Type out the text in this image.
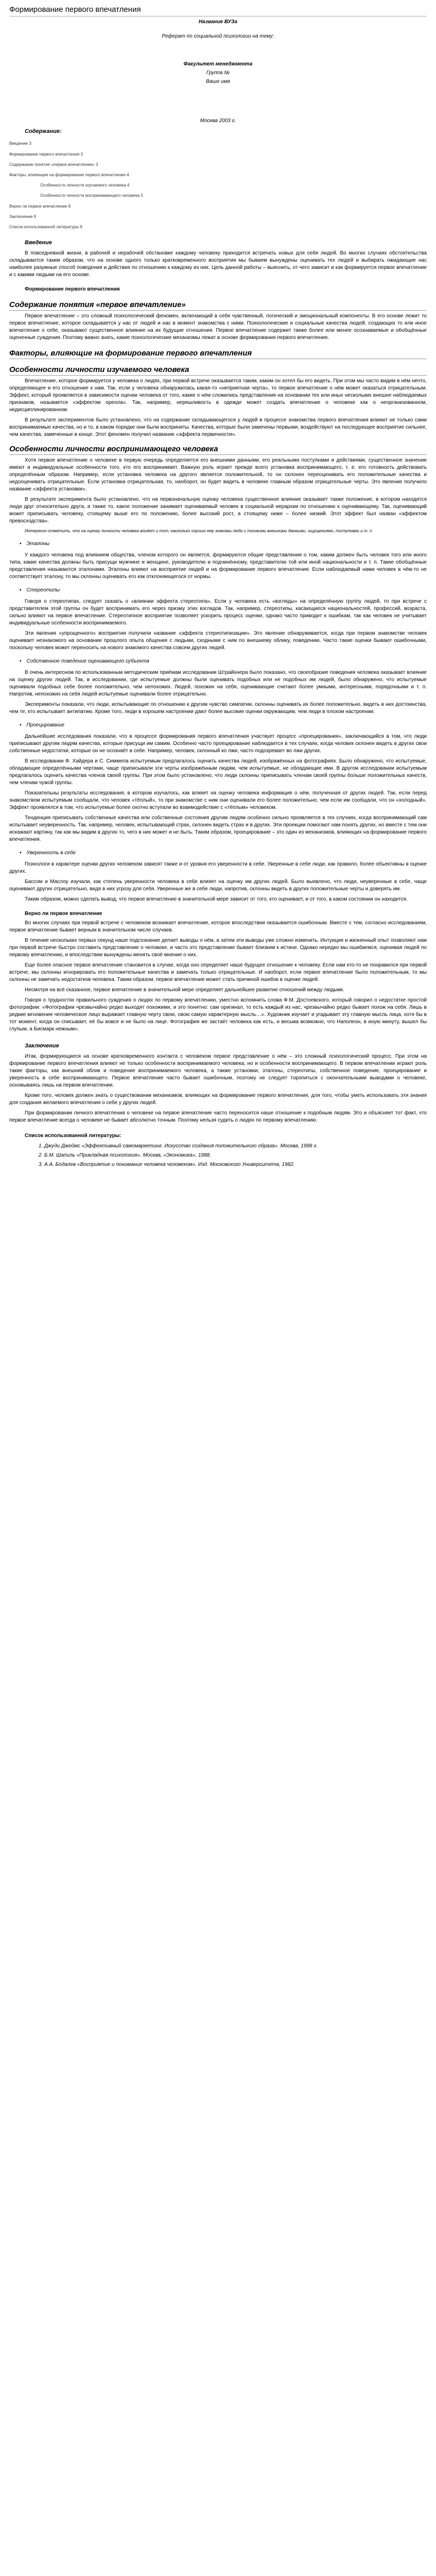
Формирование первого впечатления
Название ВУЗа
Реферат по социальной психологии на тему:
Факультет менеджмента
Группа №
Ваше имя
Москва 2003 г.
Содержание:

Введение 3

Формирование первого впечатления 3

Содержание понятия «первое впечатление» 3

Факторы, влияющие на формирование первого впечатления 4

Особенности личности изучаемого человека 4

Особенности личности воспринимающего человека 5

Верно ли первое впечатление 8

Заключение 9

Список использованной литературы 9

Введение

В повседневной жизни, в рабочей и нерабочей обстановке каждому человеку приходится встречать новых для себя людей. Во многих случаях обстоятельства складываются таким образом, что на основе одного только кратковременного восприятия мы бываем вынуждены оценивать тех людей и выбирать ожидающие нас наиболее разумные способ поведения и действия по отношению к каждому из них. Цель данной работы – выяснить, от чего зависит и как формируется первое впечатление и с какими людьми на его основе.

Формирование первого впечатления
Содержание понятия «первое впечатление»

Первое впечатление – это сложный психологический феномен, включающий в себя чувственный, логический и эмоциональный компоненты. В его основе лежит то первое впечатление, которое складывается у нас от людей и нас в момент знакомства с ними. Психологические и социальные качества людей, создающих то или иное впечатление о себе, оказывают существенное влияние на их будущие отношения. Первое впечатление содержит также более или менее осознаваемые и обобщённые оценочные суждения. Поэтому важно знать, какие психологические механизмы лежат в основе формирования первого впечатления.

Факторы, влияющие на формирование первого впечатления
Особенности личности изучаемого человека

Впечатление, которое формируется у человека о людях, при первой встрече оказывается таким, каким он хотел бы его видеть. При этом мы часто видим в нём нечто, определяющее и его отношение к нам. Так, если у человека обнаружилась какая-то «неприятная черта», то первое впечатление о нём может оказаться отрицательным. Эффект, который проявляется в зависимости оценки человека от того, какие о нём сложились представления на основании тех или иных нескольких внешне наблюдаемых признаков, называется «эффектом ореола». Так, например, неряшливость в одежде может создать впечатление о человеке как о неорганизованном, недисциплинированном.

В результате экспериментов было установлено, что на содержание складывающегося у людей в процессе знакомства первого впечатления влияют не только сами воспринимаемые качества, но и то, в каком порядке они были восприняты. Качества, которые были замечены первыми, воздействуют на последующее восприятие сильнее, чем качества, замеченные в конце. Этот феномен получил название «эффекта первичности».

Особенности личности воспринимающего человека

Хотя первое впечатление о человеке в первую очередь определяется его внешними данными, его реальными поступками и действиями, существенное значение имеют и индивидуальные особенности того, кто его воспринимает. Важную роль играет прежде всего установка воспринимающего, т. е. его готовность действовать определённым образом. Например, если установка человека на другого является положительной, то он склонен переоценивать его положительные качества и недооценивать отрицательные. Если установка отрицательная, то, наоборот, он будет видеть в человеке главным образом отрицательные черты. Это явление получило название «эффекта установки».

В результате эксперимента было установлено, что на первоначальную оценку человека существенное влияние оказывает также положение, в котором находятся люди друг относительно друга, а также то, какое положение занимает оцениваемый человек в социальной иерархии по отношению к оценивающему. Так, оценивающий может приписывать человеку, стоящему выше его по положению, более высокий рост, а стоящему ниже – более низкий. Этот эффект был назван «эффектом превосходства».

Интересно отметить, что на оценку личности человека влияет и тот, насколько хорошо ему знакомы люди с похожими внешними данными, ощущениями, поступками и т. п.

▪ Эталоны

У каждого человека под влиянием общества, членом которого он является, формируются общие представления о том, каким должен быть человек того или иного типа, какие качества должны быть присущи мужчине и женщине, руководителю и подчинённому, представителю той или иной национальности и т. п. Такие обобщённые представления называются эталонами. Эталоны влияют на восприятие людей и на формирование первого впечатления. Если наблюдаемый нами человек в чём-то не соответствует эталону, то мы склонны оценивать его как отклоняющегося от нормы.

▪ Стереотипы

Говоря о стереотипах, следует сказать о «влиянии эффекта стереотипа». Если у человека есть «взгляды» на определённую группу людей, то при встрече с представителем этой группы он будет воспринимать его через призму этих взглядов. Так, например, стереотипы, касающиеся национальностей, профессий, возраста, сильно влияют на первое впечатление. Стереотипное восприятие позволяет ускорить процесс оценки, однако часто приводит к ошибкам, так как человек не учитывает индивидуальные особенности воспринимаемого.

Эти явления «упрощенного» восприятия получили название «эффекта стереотипизации». Это явление обнаруживается, когда при первом знакомстве человек оценивает незнакомого на основании прошлого опыта общения с людьми, сходными с ним по внешнему облику, поведению. Часто такие оценки бывают ошибочными, поскольку человек может переносить на нового знакомого качества совсем других людей.

▪ Собственное поведение оценивающего субъекта

В очень интересном по использованным методическим приёмам исследовании Штрайхнера было показано, что своеобразие поведения человека оказывает влияние на оценку других людей. Так, в исследовании, где испытуемые должны были оценивать подобных или не подобных им людей, было обнаружено, что испытуемые оценивали подобных себе более положительно, чем непохожих. Людей, похожих на себя, оценивающие считают более умными, интересными, порядочными и т. п. Напротив, непохожих на себя людей испытуемые оценивали более отрицательно.

Эксперименты показали, что люди, испытывающие по отношению к другим чувство симпатии, склонны оценивать их более положительно, видеть в них достоинства, чем те, кто испытывает антипатию. Кроме того, люди в хорошем настроении дают более высокие оценки окружающим, чем люди в плохом настроении.

▪ Проецирование

Дальнейшие исследования показали, что в процессе формирования первого впечатления участвует процесс «проецирования», заключающийся в том, что люди приписывают другим людям качества, которые присущи им самим. Особенно часто проецирование наблюдается в тех случаях, когда человек склонен видеть в других свои собственные недостатки, которые он не осознаёт в себе. Например, человек, склонный ко лжи, часто подозревает во лжи других.

В исследовании Ф. Хайдера и С. Симмела испытуемым предлагалось оценить качества людей, изображённых на фотографиях. Было обнаружено, что испытуемые, обладающие определёнными чертами, чаще приписывали эти черты изображённым людям, чем испытуемые, не обладающие ими. В другом исследовании испытуемым предлагалось оценить качества членов своей группы. При этом было установлено, что люди склонны приписывать членам своей группы больше положительных качеств, чем членам чужой группы.

Показательны результаты исследования, в котором изучалось, как влияет на оценку человека информация о нём, полученная от других людей. Так, если перед знакомством испытуемым сообщали, что человек «тёплый», то при знакомстве с ним они оценивали его более положительно, чем если им сообщали, что он «холодный». Эффект проявлялся в том, что испытуемые более охотно вступали во взаимодействие с «тёплым» человеком.

Тенденция приписывать собственные качества или собственные состояния другим людям особенно сильно проявляется в тех случаях, когда воспринимающий сам испытывает неуверенность. Так, например, человек, испытывающий страх, склонен видеть страх и в других. Эти проекции помогают нам понять других, но вместе с тем они искажают картину, так как мы видим в других то, чего в них может и не быть. Таким образом, проецирование – это один из механизмов, влияющих на формирование первого впечатления.

▪ Уверенность в себе

Психологи в характере оценки других человеком зависят также и от уровня его уверенности в себе. Уверенные в себе люди, как правило, более объективны в оценке других.

Бассом и Маслоу изучали, как степень уверенности человека в себе влияет на оценку им других людей. Было выявлено, что люди, неуверенные в себе, чаще оценивают других отрицательно, видя в них угрозу для себя. Уверенные же в себе люди, напротив, склонны видеть в других положительные черты и доверять им.

Таким образом, можно сделать вывод, что первое впечатление в значительной мере зависит от того, кто оценивает, и от того, в каком состоянии он находится.

Верно ли первое впечатление

Во многих случаях при первой встрече с человеком возникает впечатление, которое впоследствии оказывается ошибочным. Вместе с тем, согласно исследованиям, первое впечатление бывает верным в значительном числе случаев.

В течение нескольких первых секунд наше подсознание делает выводы о нём, а затем эти выводы уже сложно изменить. Интуиция и жизненный опыт позволяют нам при первой встрече быстро составить представление о человеке, и часто это представление бывает близким к истине. Однако нередко мы ошибаемся, оценивая людей по первому впечатлению, и впоследствии вынуждены менять своё мнение о них.

Еще более опасное первое впечатление становится в случае, когда оно определяет наше будущее отношение к человеку. Если нам кто-то не понравился при первой встрече, мы склонны игнорировать его положительные качества и замечать только отрицательные. И наоборот, если первое впечатление было положительным, то мы склонны не замечать недостатков человека. Таким образом, первое впечатление может стать причиной ошибок в оценке людей.

Несмотря на всё сказанное, первое впечатление в значительной мере определяет дальнейшее развитие отношений между людьми.

Говоря о трудностях правильного суждения о людях по первому впечатлению, уместно вспомнить слова Ф.М. Достоевского, который говорил о недостатке простой фотографии: «Фотографии чрезвычайно редко выходят похожими, и это понятно: сам оригинал, то есть каждый из нас, чрезвычайно редко бывает похож на себя. Лишь в редкие мгновения человеческое лицо выражает главную черту свою, свою самую характерную мысль…». Художник изучает и угадывает эту главную мысль лица, хотя бы в тот момент, когда он списывает, её бы вовсе и не было на лице. Фотография же застаёт человека как есть, и весьма возможно, что Наполеон, в иную минуту, вышел бы глупым, а Бисмарк нежным».

Заключение

Итак, формирующиеся на основе кратковременного контакта с человеком первое представление о нём – это сложный психологический процесс. При этом на формирование первого впечатления влияют не только особенности воспринимаемого человека, но и особенности воспринимающего. В первом впечатлении играют роль такие факторы, как внешний облик и поведение воспринимаемого человека, а также установки, эталоны, стереотипы, собственное поведение, проецирование и уверенность в себе воспринимающего. Первое впечатление часто бывает ошибочным, поэтому не следует торопиться с окончательными выводами о человеке, основываясь лишь на первом впечатлении.

Кроме того, человек должен знать о существовании механизмов, влияющих на формирование первого впечатления, для того, чтобы уметь использовать эти знания для создания желаемого впечатления о себе у других людей.

При формировании личного впечатления о человеке на первое впечатление часто переносится наше отношение к подобным людям. Это и объясняет тот факт, что первое впечатление всегда о человеке не бывает абсолютно точным. Поэтому нельзя судить о людях по первому впечатлению.

Список использованной литературы:
1. Джуди Джеймс «Эффективный самомаркетинг. Искусство создания положительного образа». Москва, 1998 г.
2. Б.М. Шапиль «Прикладная психология». Москва, «Экономика», 1988.
3. А.А. Бодалев «Восприятие и понимание человека человеком». Изд. Московского Университета, 1982.
